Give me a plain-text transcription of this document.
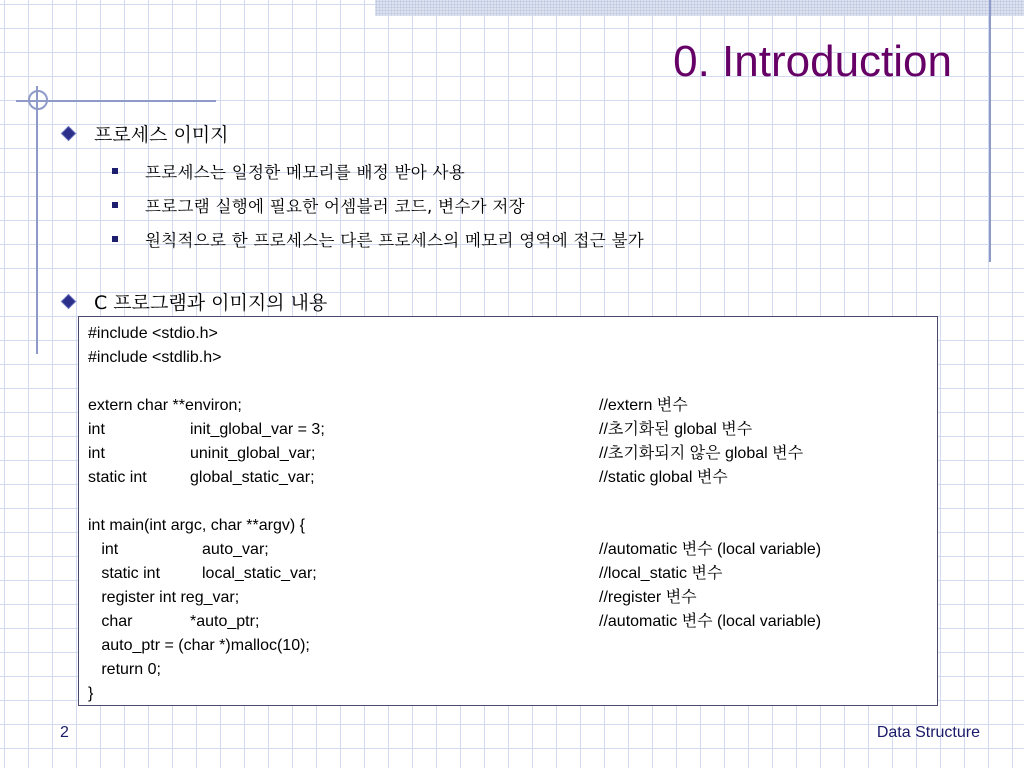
0. Introduction
프로세스 이미지
프로세스는 일정한 메모리를 배정 받아 사용
프로그램 실행에 필요한 어셈블러 코드, 변수가 저장
원칙적으로 한 프로세스는 다른 프로세스의 메모리 영역에 접근 불가
C 프로그램과 이미지의 내용
#include <stdio.h>
#include <stdlib.h>
extern char **environ;	//extern 변수
int	init_global_var = 3;	//초기화된 global 변수
int	uninit_global_var;	//초기화되지 않은 global 변수
static int	global_static_var;	//static global 변수
int main(int argc, char **argv) {
int	auto_var;	//automatic 변수 (local variable)
static int	local_static_var;	//local_static 변수
register int reg_var;	//register 변수
char	*auto_ptr;	//automatic 변수 (local variable)
auto_ptr = (char *)malloc(10);
return 0;
}
2	Data Structure
